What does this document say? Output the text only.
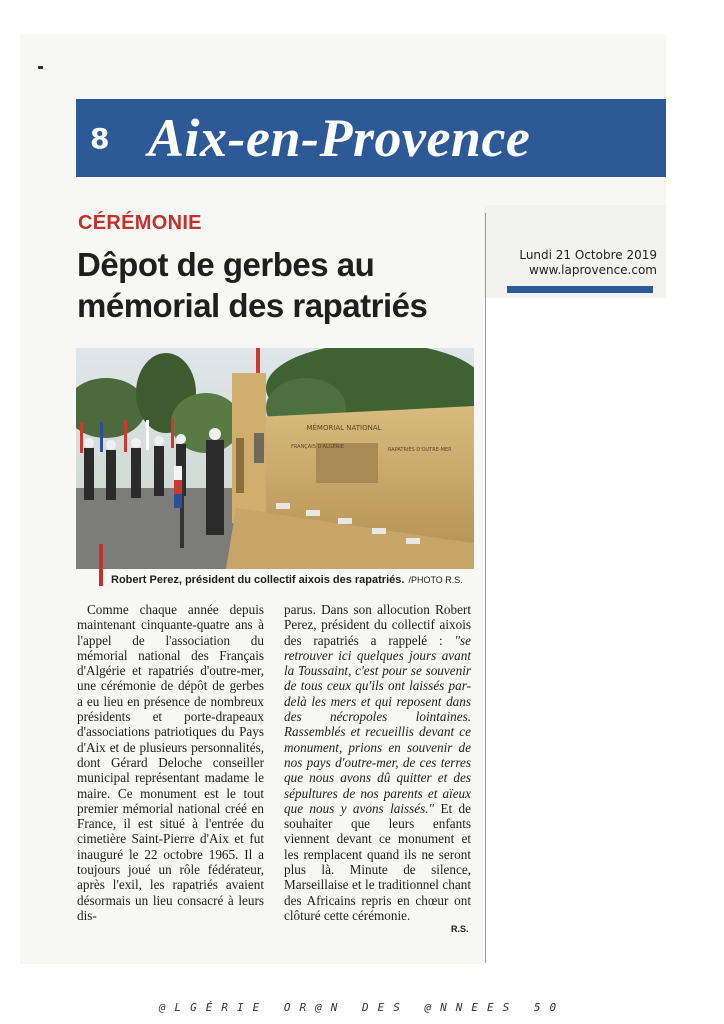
8 Aix-en-Provence
Lundi 21 Octobre 2019
www.laprovence.com
CÉRÉMONIE
Dêpot de gerbes au mémorial des rapatriés
MÉMORIAL NATIONAL
FRANÇAIS D'ALGÉRIE	RAPATRIÉS D'OUTRE-MER
Robert Perez, président du collectif aixois des rapatriés. /PHOTO R.S.

Comme chaque année depuis maintenant cinquante-quatre ans à l'appel de l'association du mémorial national des Français d'Algérie et rapatriés d'outre-mer, une cérémonie de dépôt de gerbes a eu lieu en présence de nombreux présidents et porte-drapeaux d'associations patriotiques du Pays d'Aix et de plusieurs personnalités, dont Gérard Deloche conseiller municipal représentant madame le maire. Ce monument est le tout premier mémorial national créé en France, il est situé à l'entrée du cimetière Saint-Pierre d'Aix et fut inauguré le 22 octobre 1965. Il a toujours joué un rôle fédérateur, après l'exil, les rapatriés avaient désormais un lieu consacré à leurs dis-

parus. Dans son allocution Robert Perez, président du collectif aixois des rapatriés a rappelé : "se retrouver ici quelques jours avant la Toussaint, c'est pour se souvenir de tous ceux qu'ils ont laissés par-delà les mers et qui reposent dans des nécropoles lointaines. Rassemblés et recueillis devant ce monument, prions en souvenir de nos pays d'outre-mer, de ces terres que nous avons dû quitter et des sépultures de nos parents et aïeux que nous y avons laissés." Et de souhaiter que leurs enfants viennent devant ce monument et les remplacent quand ils ne seront plus là. Minute de silence, Marseillaise et le traditionnel chant des Africains repris en chœur ont clôturé cette cérémonie.

R.S.
@LGÉRIE OR@N DES @NNEES 50
